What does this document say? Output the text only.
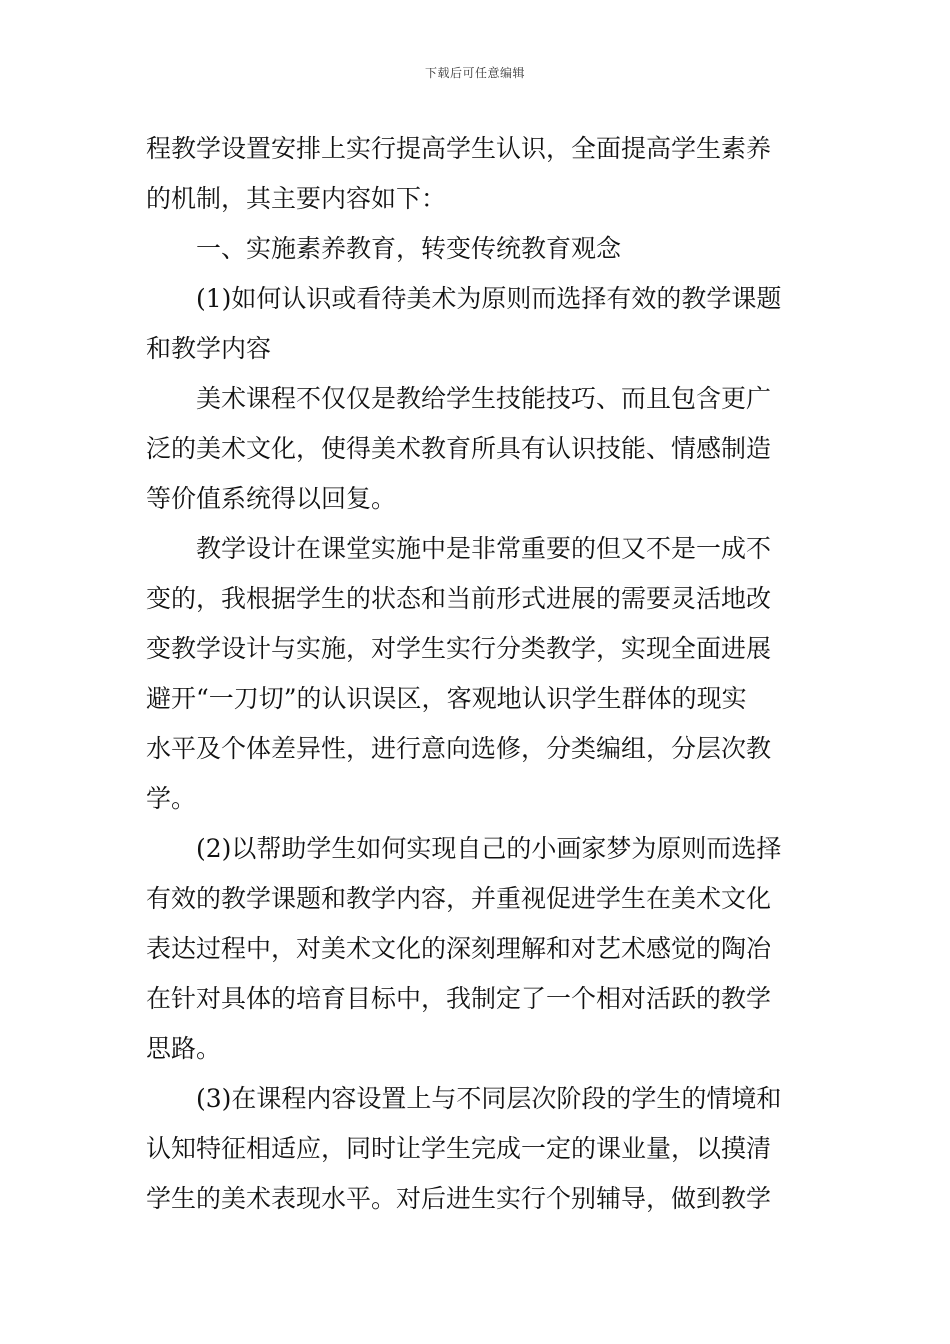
下载后可任意编辑
程教学设置安排上实行提高学生认识，全面提高学生素养
的机制，其主要内容如下：
一、实施素养教育，转变传统教育观念
(1)如何认识或看待美术为原则而选择有效的教学课题
和教学内容
美术课程不仅仅是教给学生技能技巧、而且包含更广
泛的美术文化，使得美术教育所具有认识技能、情感制造
等价值系统得以回复。
教学设计在课堂实施中是非常重要的但又不是一成不
变的，我根据学生的状态和当前形式进展的需要灵活地改
变教学设计与实施，对学生实行分类教学，实现全面进展
避开“一刀切”的认识误区，客观地认识学生群体的现实
水平及个体差异性，进行意向选修，分类编组，分层次教
学。
(2)以帮助学生如何实现自己的小画家梦为原则而选择
有效的教学课题和教学内容，并重视促进学生在美术文化
表达过程中，对美术文化的深刻理解和对艺术感觉的陶冶
在针对具体的培育目标中，我制定了一个相对活跃的教学
思路。
(3)在课程内容设置上与不同层次阶段的学生的情境和
认知特征相适应，同时让学生完成一定的课业量，以摸清
学生的美术表现水平。对后进生实行个别辅导，做到教学
